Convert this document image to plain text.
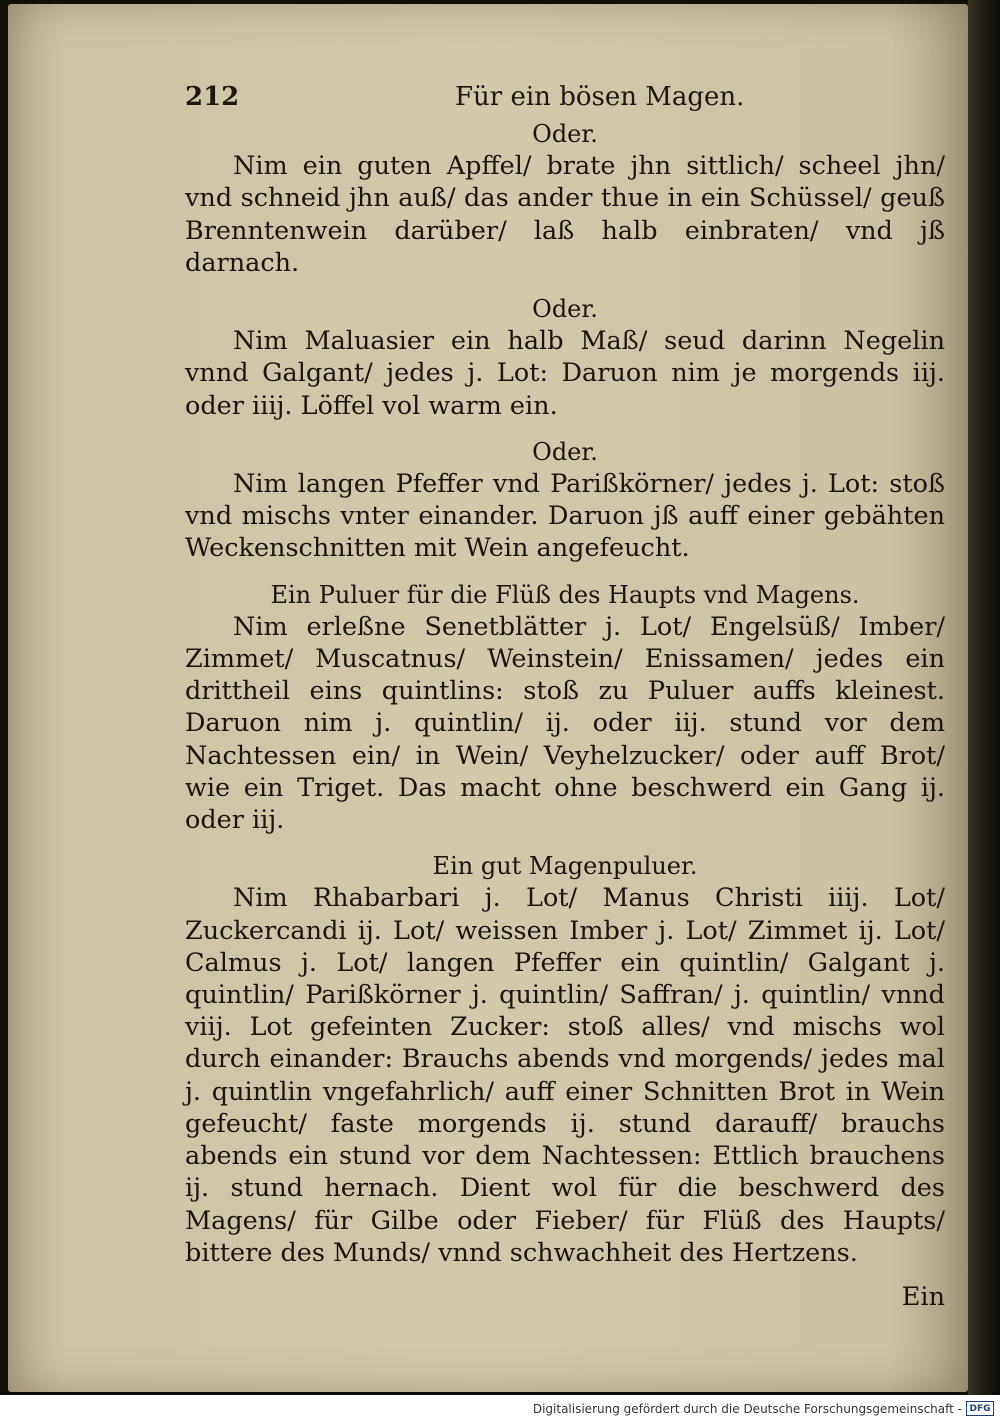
212	Für ein bösen Magen.

Oder.

Nim ein guten Apffel/ brate jhn sittlich/ scheel jhn/ vnd schneid jhn auß/ das ander thue in ein Schüssel/ geuß Brenntenwein darüber/ laß halb einbraten/ vnd jß darnach.

Oder.

Nim Maluasier ein halb Maß/ seud darinn Negelin vnnd Galgant/ jedes j. Lot: Daruon nim je morgends iij. oder iiij. Löffel vol warm ein.

Oder.

Nim langen Pfeffer vnd Parißkörner/ jedes j. Lot: stoß vnd mischs vnter einander. Daruon jß auff einer gebähten Weckenschnitten mit Wein angefeucht.

Ein Puluer für die Flüß des Haupts vnd Magens.

Nim erleßne Senetblätter j. Lot/ Engelsüß/ Imber/ Zimmet/ Muscatnus/ Weinstein/ Enissamen/ jedes ein drittheil eins quintlins: stoß zu Puluer auffs kleinest. Daruon nim j. quintlin/ ij. oder iij. stund vor dem Nachtessen ein/ in Wein/ Veyhelzucker/ oder auff Brot/ wie ein Triget. Das macht ohne beschwerd ein Gang ij. oder iij.

Ein gut Magenpuluer.

Nim Rhabarbari j. Lot/ Manus Christi iiij. Lot/ Zuckercandi ij. Lot/ weissen Imber j. Lot/ Zimmet ij. Lot/ Calmus j. Lot/ langen Pfeffer ein quintlin/ Galgant j. quintlin/ Parißkörner j. quintlin/ Saffran/ j. quintlin/ vnnd viij. Lot gefeinten Zucker: stoß alles/ vnd mischs wol durch einander: Brauchs abends vnd morgends/ jedes mal j. quintlin vngefahrlich/ auff einer Schnitten Brot in Wein gefeucht/ faste morgends ij. stund darauff/ brauchs abends ein stund vor dem Nachtessen: Ettlich brauchens ij. stund hernach. Dient wol für die beschwerd des Magens/ für Gilbe oder Fieber/ für Flüß des Haupts/ bittere des Munds/ vnnd schwachheit des Hertzens.

Ein

Digitalisierung gefördert durch die Deutsche Forschungsgemeinschaft - DFG
